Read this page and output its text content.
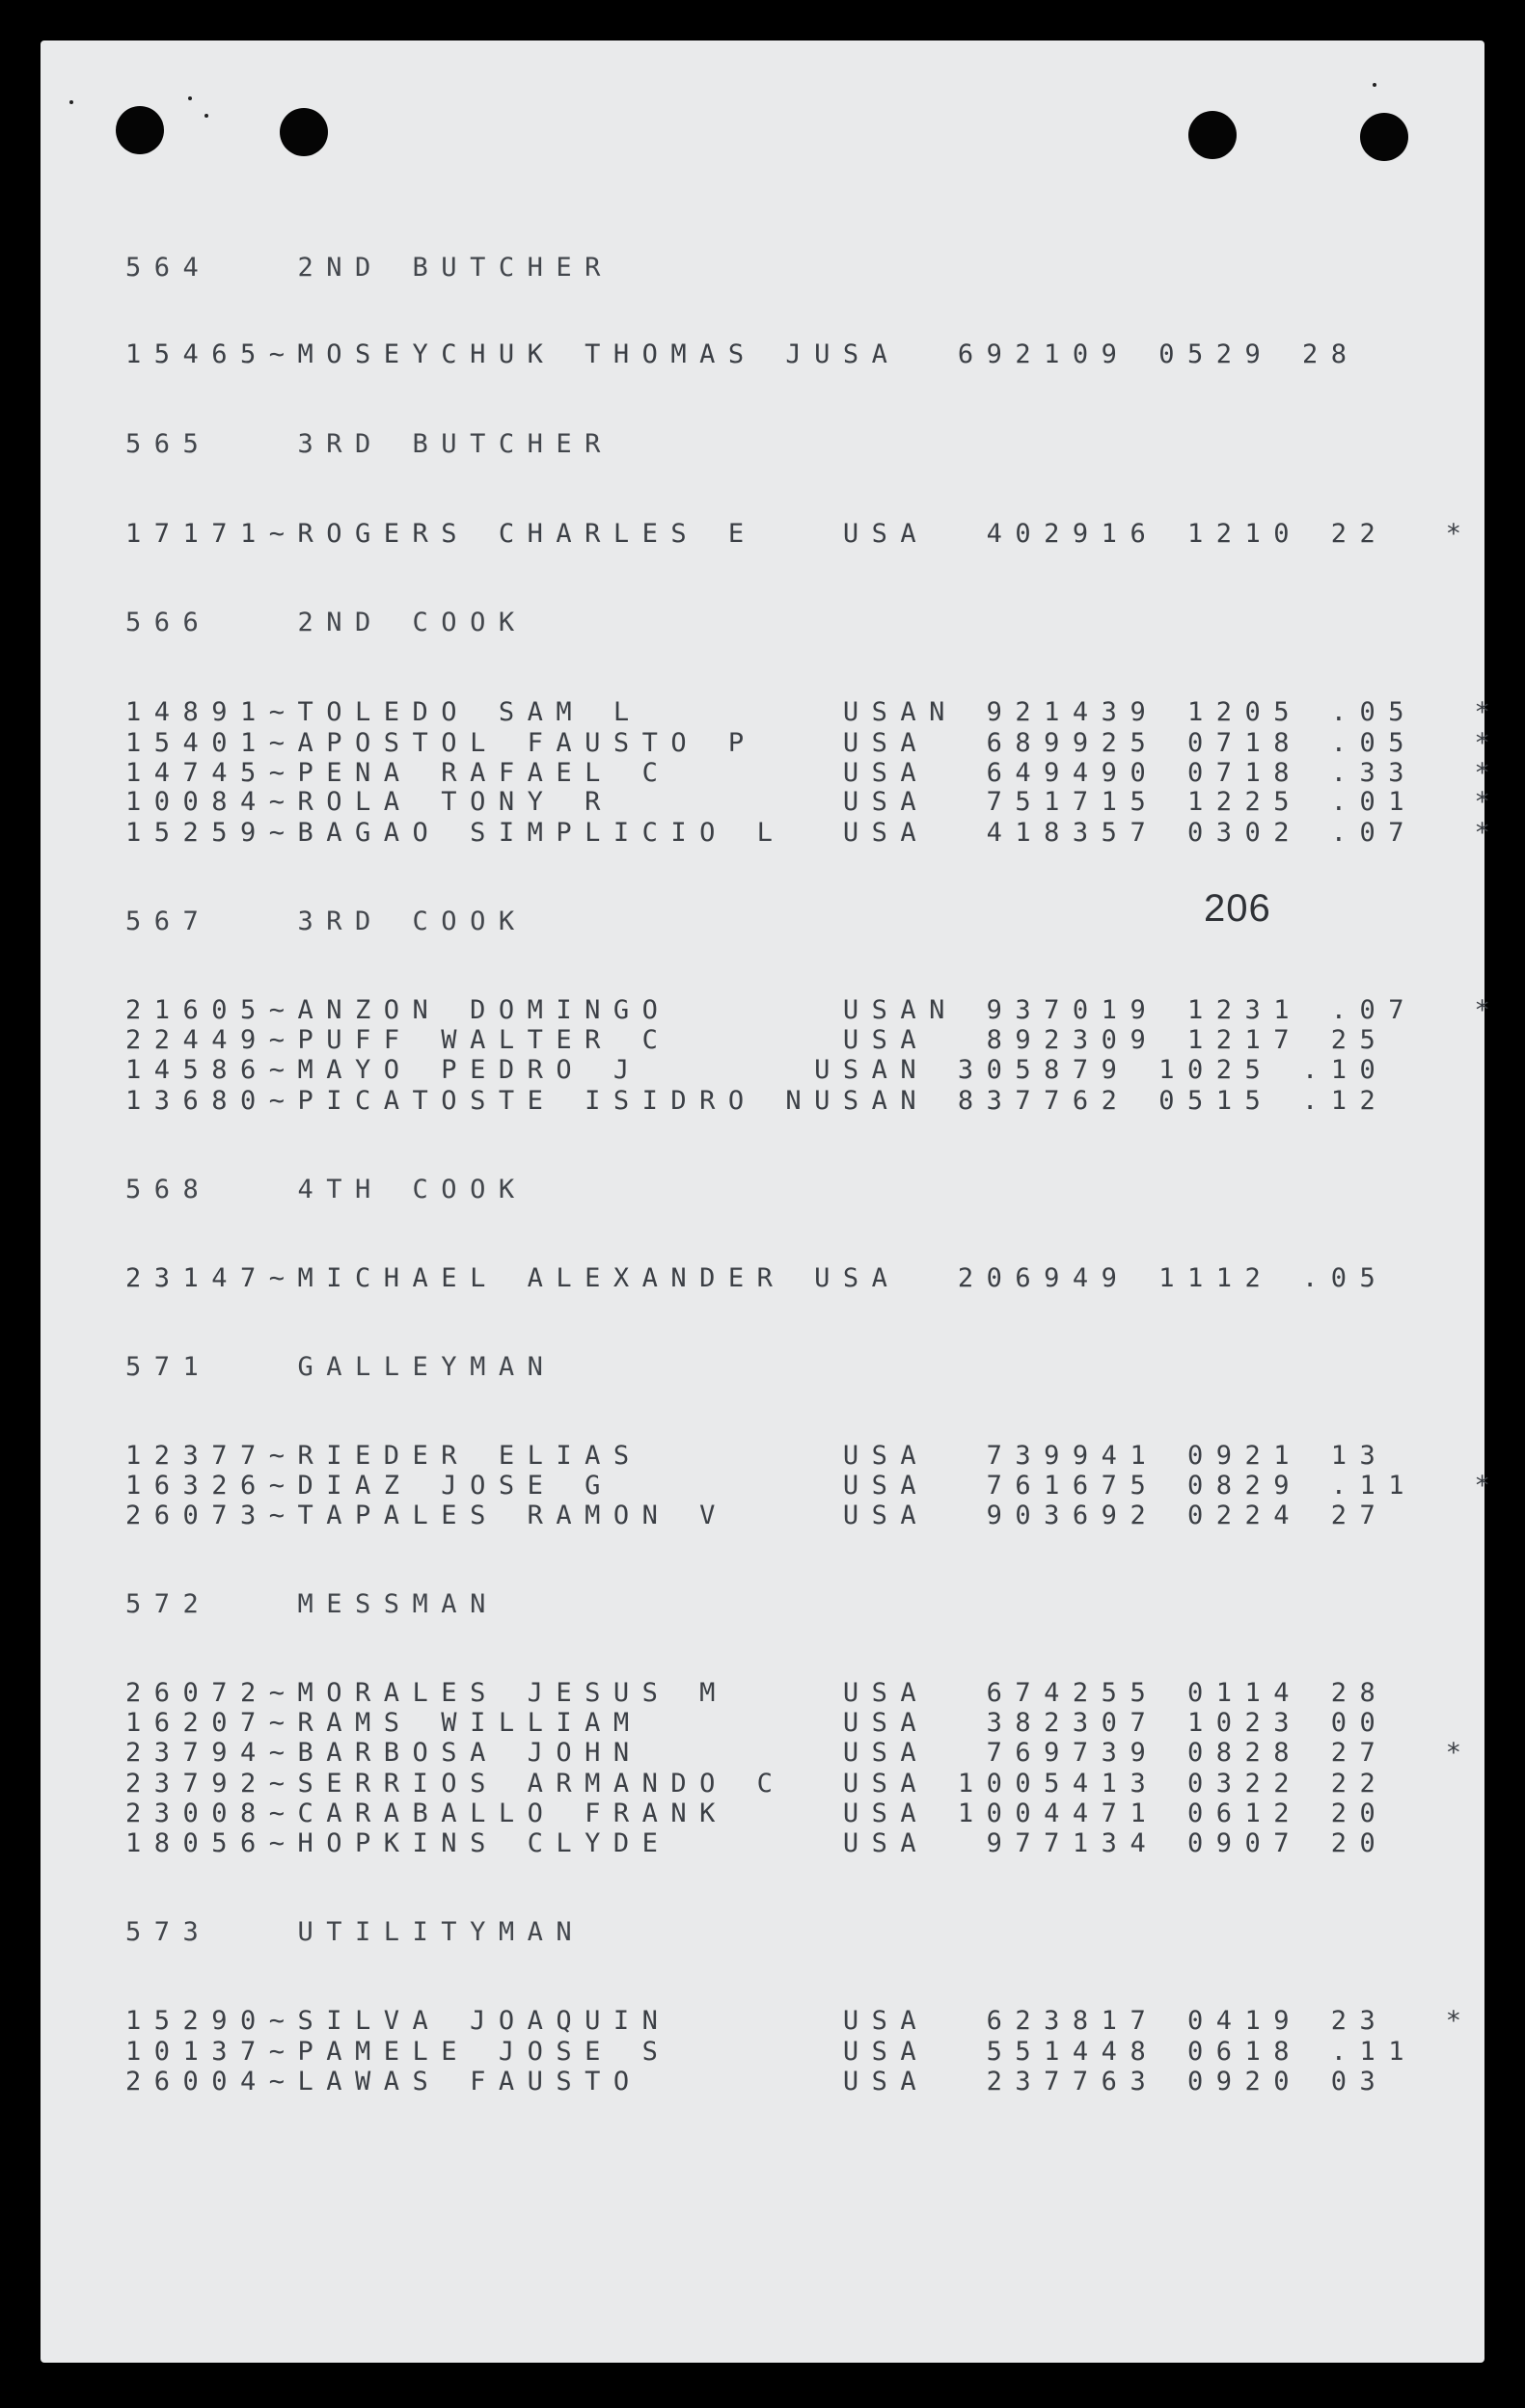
564   2ND BUTCHER
15465~MOSEYCHUK THOMAS JUSA  692109 0529 28
565   3RD BUTCHER
17171~ROGERS CHARLES E   USA  402916 1210 22  *
566   2ND COOK
14891~TOLEDO SAM L       USAN 921439 1205 .05  *
15401~APOSTOL FAUSTO P   USA  689925 0718 .05  *
14745~PENA RAFAEL C      USA  649490 0718 .33  *
10084~ROLA TONY R        USA  751715 1225 .01  *
15259~BAGAO SIMPLICIO L  USA  418357 0302 .07  *
567   3RD COOK
21605~ANZON DOMINGO      USAN 937019 1231 .07  *
22449~PUFF WALTER C      USA  892309 1217 25
14586~MAYO PEDRO J      USAN 305879 1025 .10
13680~PICATOSTE ISIDRO NUSAN 837762 0515 .12
568   4TH COOK
23147~MICHAEL ALEXANDER USA  206949 1112 .05
571   GALLEYMAN
12377~RIEDER ELIAS       USA  739941 0921 13
16326~DIAZ JOSE G        USA  761675 0829 .11  *
26073~TAPALES RAMON V    USA  903692 0224 27
572   MESSMAN
26072~MORALES JESUS M    USA  674255 0114 28
16207~RAMS WILLIAM       USA  382307 1023 00
23794~BARBOSA JOHN       USA  769739 0828 27  *
23792~SERRIOS ARMANDO C  USA 1005413 0322 22
23008~CARABALLO FRANK    USA 1004471 0612 20
18056~HOPKINS CLYDE      USA  977134 0907 20
573   UTILITYMAN
15290~SILVA JOAQUIN      USA  623817 0419 23  *
10137~PAMELE JOSE S      USA  551448 0618 .11
26004~LAWAS FAUSTO       USA  237763 0920 03
206
